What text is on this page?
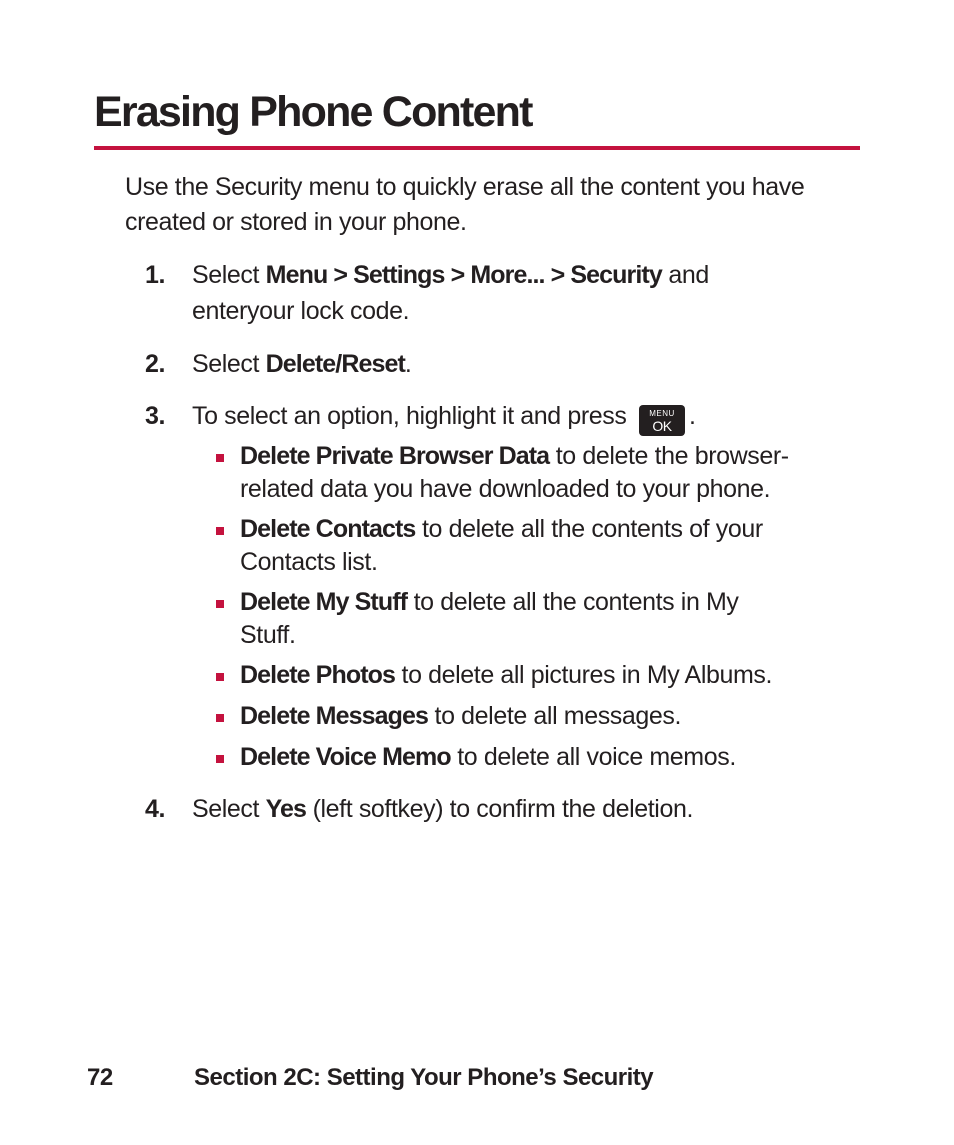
Erasing Phone Content

Use the Security menu to quickly erase all the content you have created or stored in your phone.

1.	Select Menu > Settings > More... > Security and
enteryour lock code.
2.	Select Delete/Reset.
3.	To select an option, highlight it and press	MENU
OK .
Delete Private Browser Data to delete the browser-
related data you have downloaded to your phone.
Delete Contacts to delete all the contents of your
Contacts list.
Delete My Stuff to delete all the contents in My
Stuff.
Delete Photos to delete all pictures in My Albums.
Delete Messages to delete all messages.
Delete Voice Memo to delete all voice memos.
4.	Select Yes (left softkey) to confirm the deletion.
72	Section 2C: Setting Your Phone’s Security
